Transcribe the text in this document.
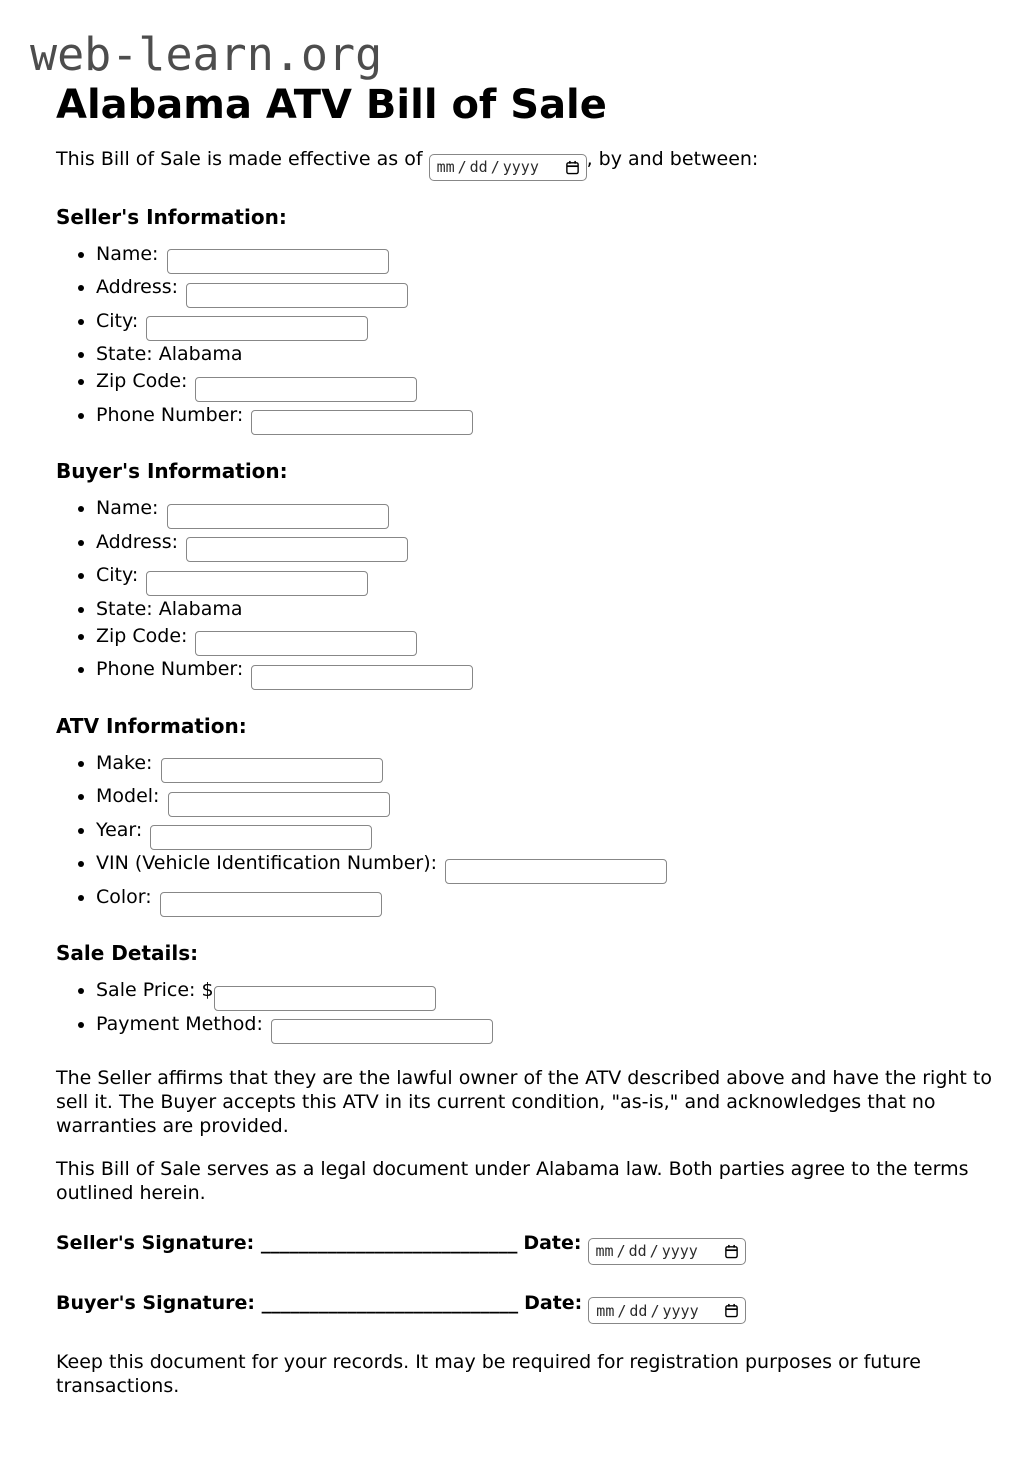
web-learn.org
Alabama ATV Bill of Sale

This Bill of Sale is made effective as of mm / dd / yyyy	, by and between:

Seller's Information:
• Name:
• Address:
• City:
• State: Alabama
• Zip Code:
• Phone Number:
Buyer's Information:
• Name:
• Address:
• City:
• State: Alabama
• Zip Code:
• Phone Number:
ATV Information:
• Make:
• Model:
• Year:
• VIN (Vehicle Identification Number):
• Color:
Sale Details:
• Sale Price: $
• Payment Method:

The Seller affirms that they are the lawful owner of the ATV described above and have the right to sell it. The Buyer accepts this ATV in its current condition, "as-is," and acknowledges that no warranties are provided.

This Bill of Sale serves as a legal document under Alabama law. Both parties agree to the terms outlined herein.

Seller's Signature: ___________________________ Date: mm / dd / yyyy

Buyer's Signature: ___________________________ Date: mm / dd / yyyy

Keep this document for your records. It may be required for registration purposes or future transactions.
